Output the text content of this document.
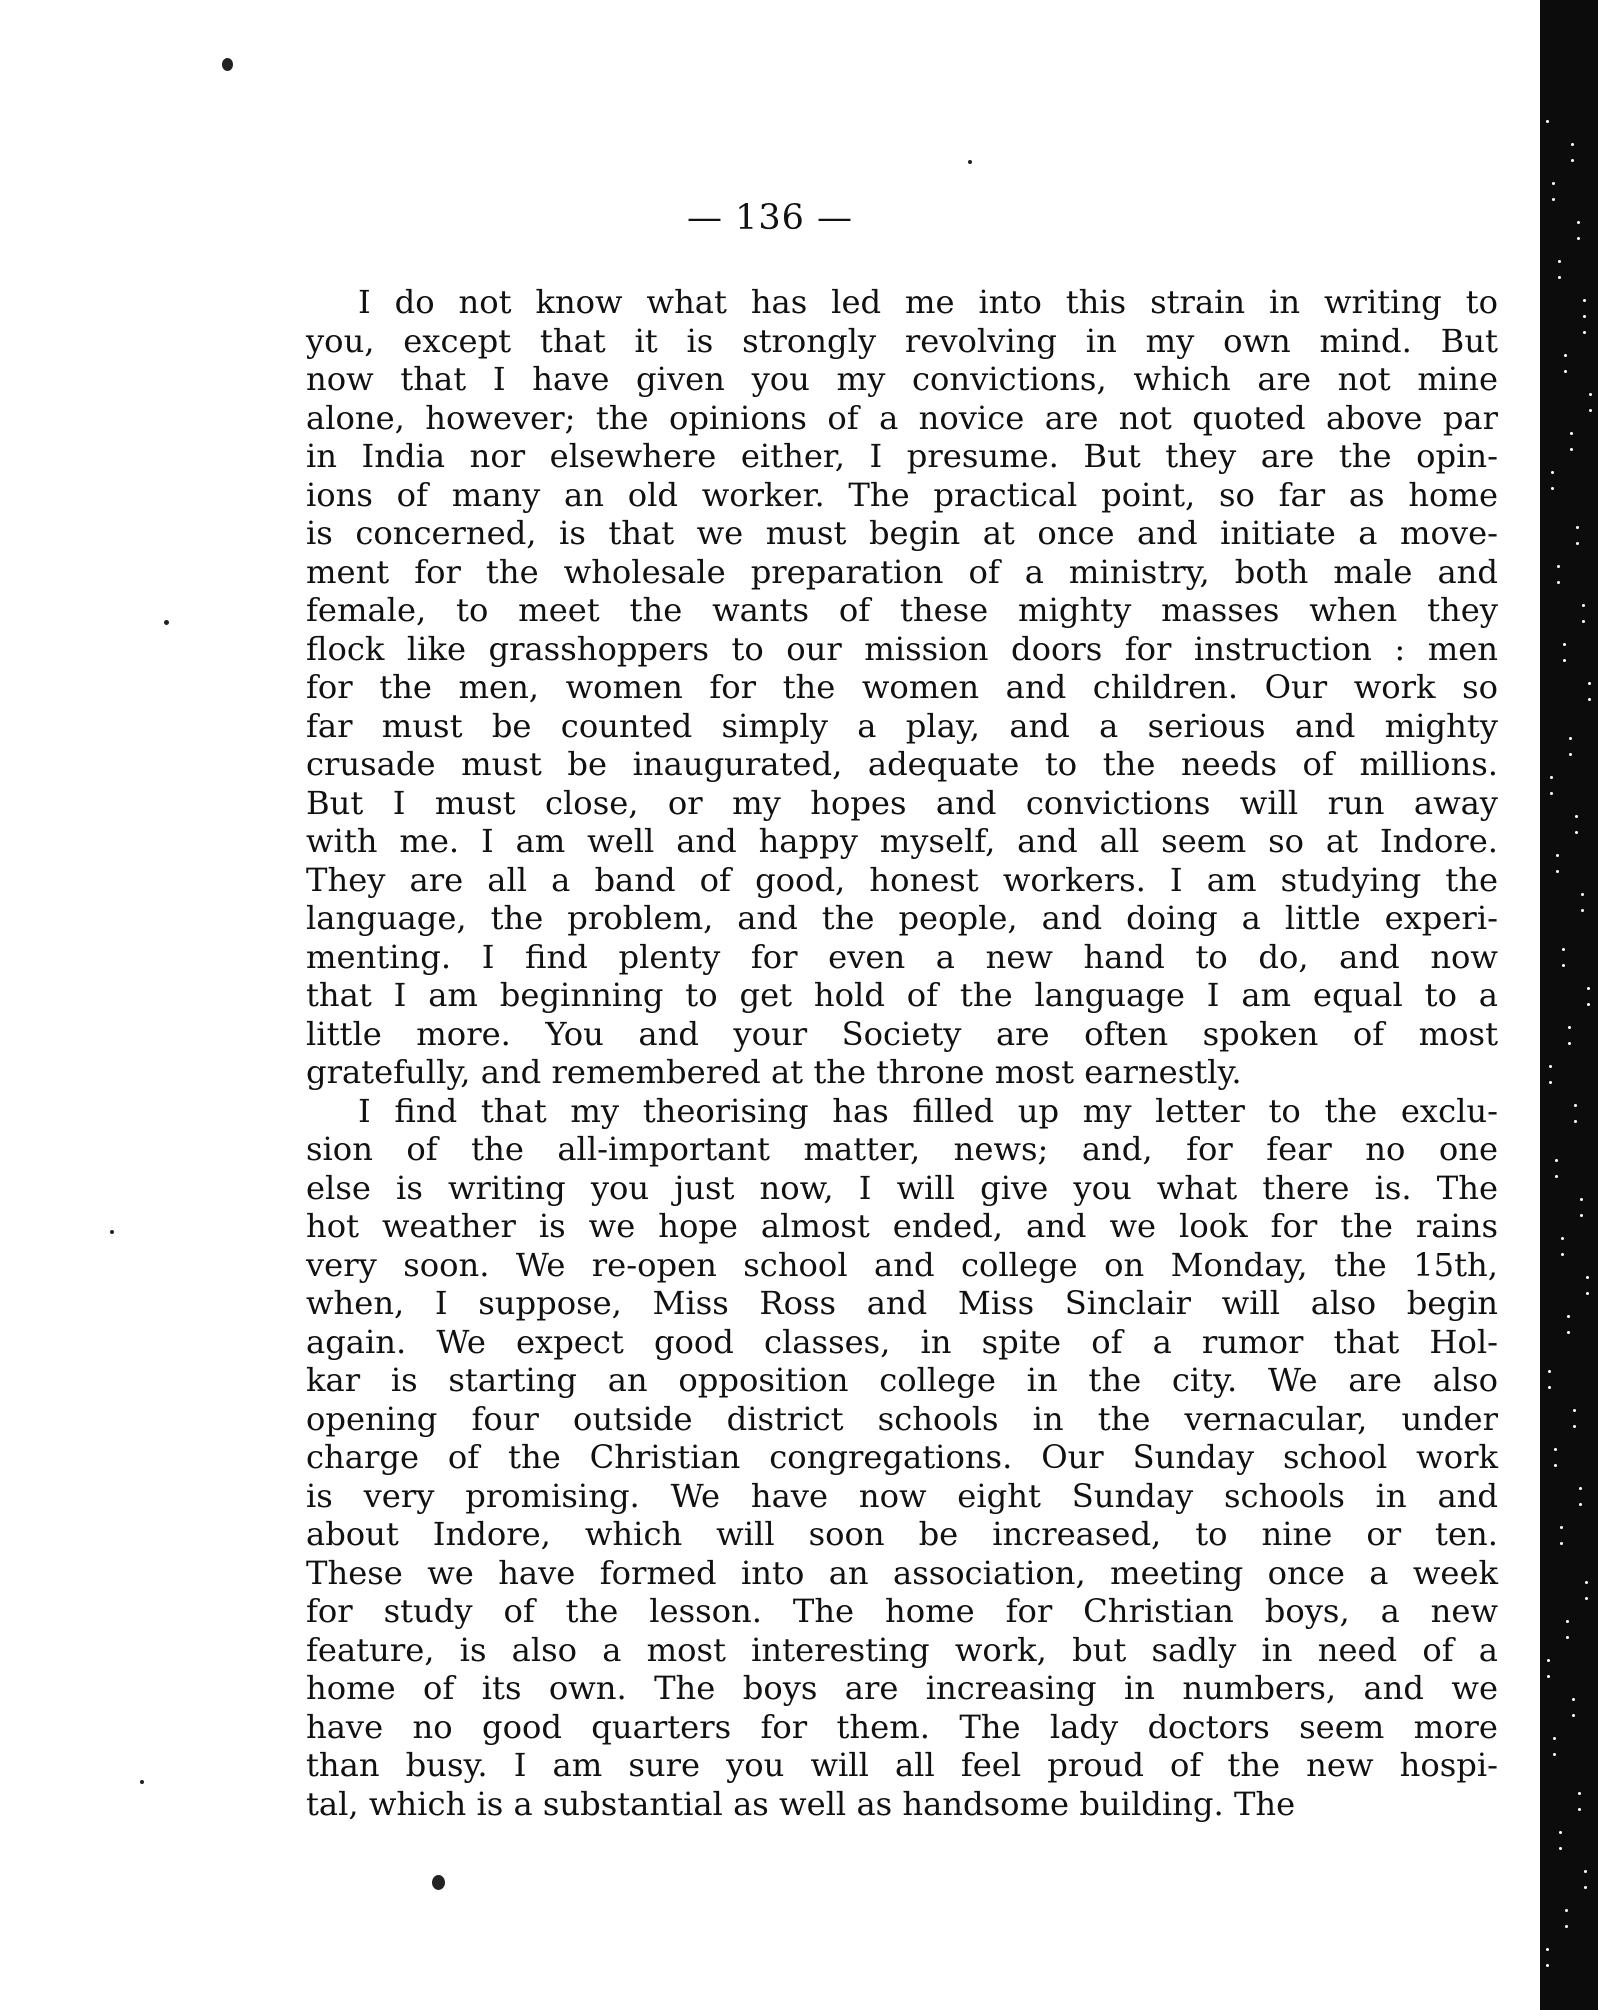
— 136 —

I do not know what has led me into this strain in writing to
you, except that it is strongly revolving in my own mind. But
now that I have given you my convictions, which are not mine
alone, however; the opinions of a novice are not quoted above par
in India nor elsewhere either, I presume. But they are the opin-
ions of many an old worker. The practical point, so far as home
is concerned, is that we must begin at once and initiate a move-
ment for the wholesale preparation of a ministry, both male and
female, to meet the wants of these mighty masses when they
flock like grasshoppers to our mission doors for instruction : men
for the men, women for the women and children. Our work so
far must be counted simply a play, and a serious and mighty
crusade must be inaugurated, adequate to the needs of millions.
But I must close, or my hopes and convictions will run away
with me. I am well and happy myself, and all seem so at Indore.
They are all a band of good, honest workers. I am studying the
language, the problem, and the people, and doing a little experi-
menting. I find plenty for even a new hand to do, and now
that I am beginning to get hold of the language I am equal to a
little more. You and your Society are often spoken of most
gratefully, and remembered at the throne most earnestly.

I find that my theorising has filled up my letter to the exclu-
sion of the all-important matter, news; and, for fear no one
else is writing you just now, I will give you what there is. The
hot weather is we hope almost ended, and we look for the rains
very soon. We re-open school and college on Monday, the 15th,
when, I suppose, Miss Ross and Miss Sinclair will also begin
again. We expect good classes, in spite of a rumor that Hol-
kar is starting an opposition college in the city. We are also
opening four outside district schools in the vernacular, under
charge of the Christian congregations. Our Sunday school work
is very promising. We have now eight Sunday schools in and
about Indore, which will soon be increased, to nine or ten.
These we have formed into an association, meeting once a week
for study of the lesson. The home for Christian boys, a new
feature, is also a most interesting work, but sadly in need of a
home of its own. The boys are increasing in numbers, and we
have no good quarters for them. The lady doctors seem more
than busy. I am sure you will all feel proud of the new hospi-
tal, which is a substantial as well as handsome building. The
